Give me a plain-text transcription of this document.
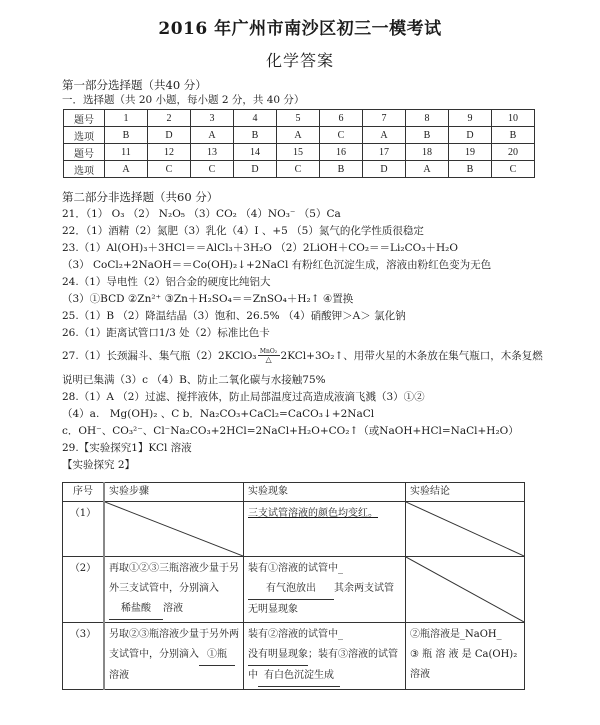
2016 年广州市南沙区初三一模考试
化学答案
第一部分选择题（共40 分）
一．选择题（共 20 小题，每小题 2 分，共 40 分）
题号	1	2	3	4	5	6	7	8	9	10
选项	B	D	A	B	A	C	A	B	D	B
题号	11	12	13	14	15	16	17	18	19	20
选项	A	C	C	D	C	B	D	A	B	C
第二部分非选择题（共60 分）
21．（1） O₃ （2） N₂O₅ （3）CO₂ （4）NO₃⁻ （5）Ca
22．（1）酒精（2）氮肥（3）乳化（4）I 、+5 （5）氮气的化学性质很稳定
23.（1）Al(OH)₃＋3HCl＝＝AlCl₃＋3H₂O （2）2LiOH＋CO₂＝＝Li₂CO₃＋H₂O
（3） CoCl₂+2NaOH＝＝Co(OH)₂↓+2NaCl 有粉红色沉淀生成，溶液由粉红色变为无色
24.（1）导电性（2）铝合金的硬度比纯铝大
（3）①BCD ②Zn²⁺ ③Zn＋H₂SO₄＝＝ZnSO₄＋H₂↑ ④置换
25.（1）B （2）降温结晶（3）饱和、26.5% （4）硝酸钾＞A＞ 氯化钠
26.（1）距离试管口1/3 处（2）标准比色卡
27.（1）长颈漏斗、集气瓶（2）2KClO₃ MnO₂
△ 2KCl+3O₂↑、用带火星的木条放在集气瓶口，木条复燃
说明已集满（3）c （4）B、防止二氧化碳与水接触75%
28.（1）A （2）过滤、搅拌液体，防止局部温度过高造成液滴飞溅（3）①②
（4）a.　Mg(OH)₂ 、C b．Na₂CO₃+CaCl₂=CaCO₃↓+2NaCl
c．OH⁻、CO₃²⁻、Cl⁻Na₂CO₃+2HCl=2NaCl+H₂O+CO₂↑（或NaOH+HCl=NaCl+H₂O）
29.【实验探究1】KCl 溶液
【实验探究 2】
序号	实验步骤	实验现象	实验结论
（1）		三支试管溶液的颜色均变红。	

（2）	再取①②③三瓶溶液少量于另外三支试管中，分别滴入稀盐酸 溶液	装有①溶液的试管中_
有气泡放出 其余两支试管无明显现象	

（3）	另取②③瓶溶液少量于另外两支试管中，分别滴入 ①瓶溶液	装有②溶液的试管中_
没有明显现象；装有③溶液的试管中 有白色沉淀生成	②瓶溶液是_NaOH_
③ 瓶 溶 液 是 Ca(OH)₂溶液
